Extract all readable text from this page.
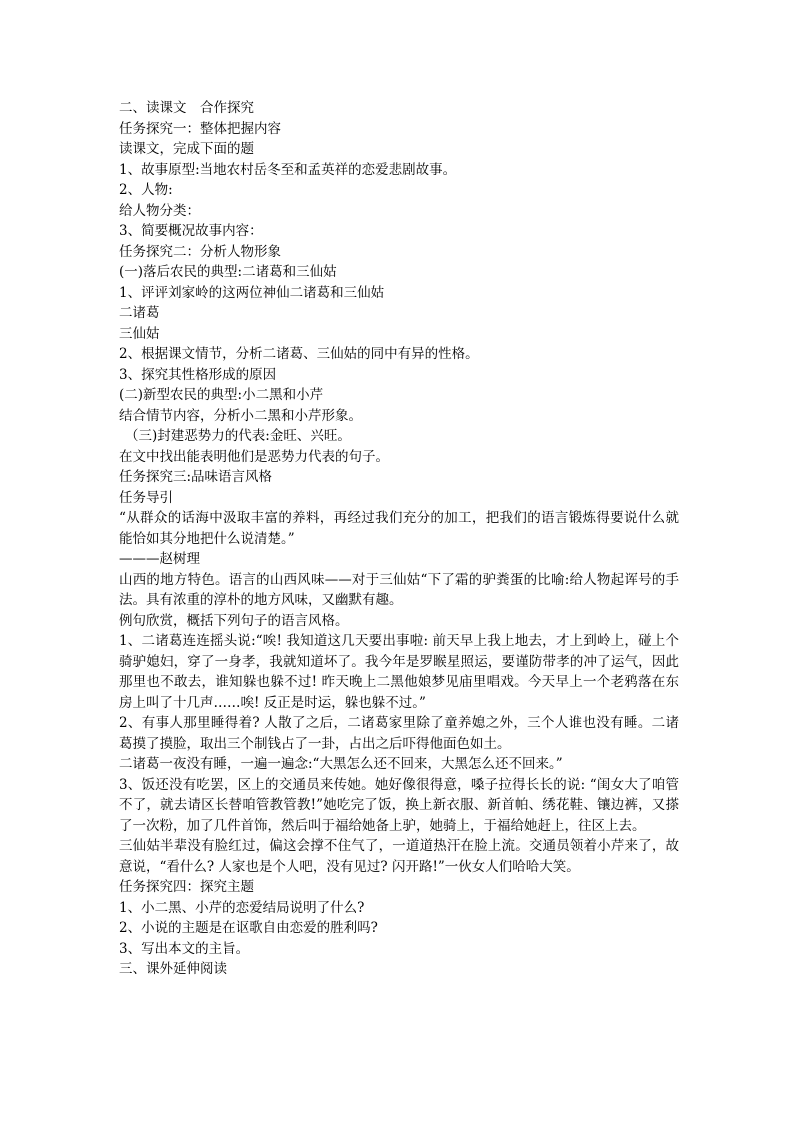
二、读课文　合作探究

任务探究一：整体把握内容

读课文，完成下面的题

1、故事原型:当地农村岳冬至和孟英祥的恋爱悲剧故事。

2、人物:

给人物分类：

3、简要概况故事内容：

任务探究二：分析人物形象

(一)落后农民的典型:二诸葛和三仙姑

1、评评刘家岭的这两位神仙二诸葛和三仙姑

二诸葛

三仙姑

2、根据课文情节，分析二诸葛、三仙姑的同中有异的性格。

3、探究其性格形成的原因

(二)新型农民的典型:小二黑和小芹

结合情节内容，分析小二黑和小芹形象。

（三)封建恶势力的代表:金旺、兴旺。

在文中找出能表明他们是恶势力代表的句子。

任务探究三:品味语言风格

任务导引

“从群众的话海中汲取丰富的养料，再经过我们充分的加工，把我们的语言锻炼得要说什么就能恰如其分地把什么说清楚。”

———赵树理

山西的地方特色。语言的山西风味——对于三仙姑“下了霜的驴粪蛋的比喻:给人物起诨号的手法。具有浓重的淳朴的地方风味，又幽默有趣。

例句欣赏，概括下列句子的语言风格。

1、二诸葛连连摇头说:“唉! 我知道这几天要出事啦: 前天早上我上地去，才上到岭上，碰上个骑驴媳妇，穿了一身孝，我就知道坏了。我今年是罗睺星照运，要谨防带孝的冲了运气，因此那里也不敢去，谁知躲也躲不过! 昨天晚上二黑他娘梦见庙里唱戏。今天早上一个老鸦落在东房上叫了十几声……唉! 反正是时运，躲也躲不过。”

2、有事人那里睡得着? 人散了之后，二诸葛家里除了童养媳之外，三个人谁也没有睡。二诸葛摸了摸脸，取出三个制钱占了一卦，占出之后吓得他面色如土。

二诸葛一夜没有睡，一遍一遍念:“大黑怎么还不回来，大黑怎么还不回来。”

3、饭还没有吃罢，区上的交通员来传她。她好像很得意，嗓子拉得长长的说: “闺女大了咱管不了，就去请区长替咱管教管教!”她吃完了饭，换上新衣服、新首帕、绣花鞋、镶边裤，又搽了一次粉，加了几件首饰，然后叫于福给她备上驴，她骑上，于福给她赶上，往区上去。

三仙姑半辈没有脸红过，偏这会撑不住气了，一道道热汗在脸上流。交通员领着小芹来了，故意说，“看什么? 人家也是个人吧，没有见过? 闪开路!”一伙女人们哈哈大笑。

任务探究四：探究主题

1、小二黑、小芹的恋爱结局说明了什么?

2、小说的主题是在讴歌自由恋爱的胜利吗?

3、写出本文的主旨。

三、课外延伸阅读
